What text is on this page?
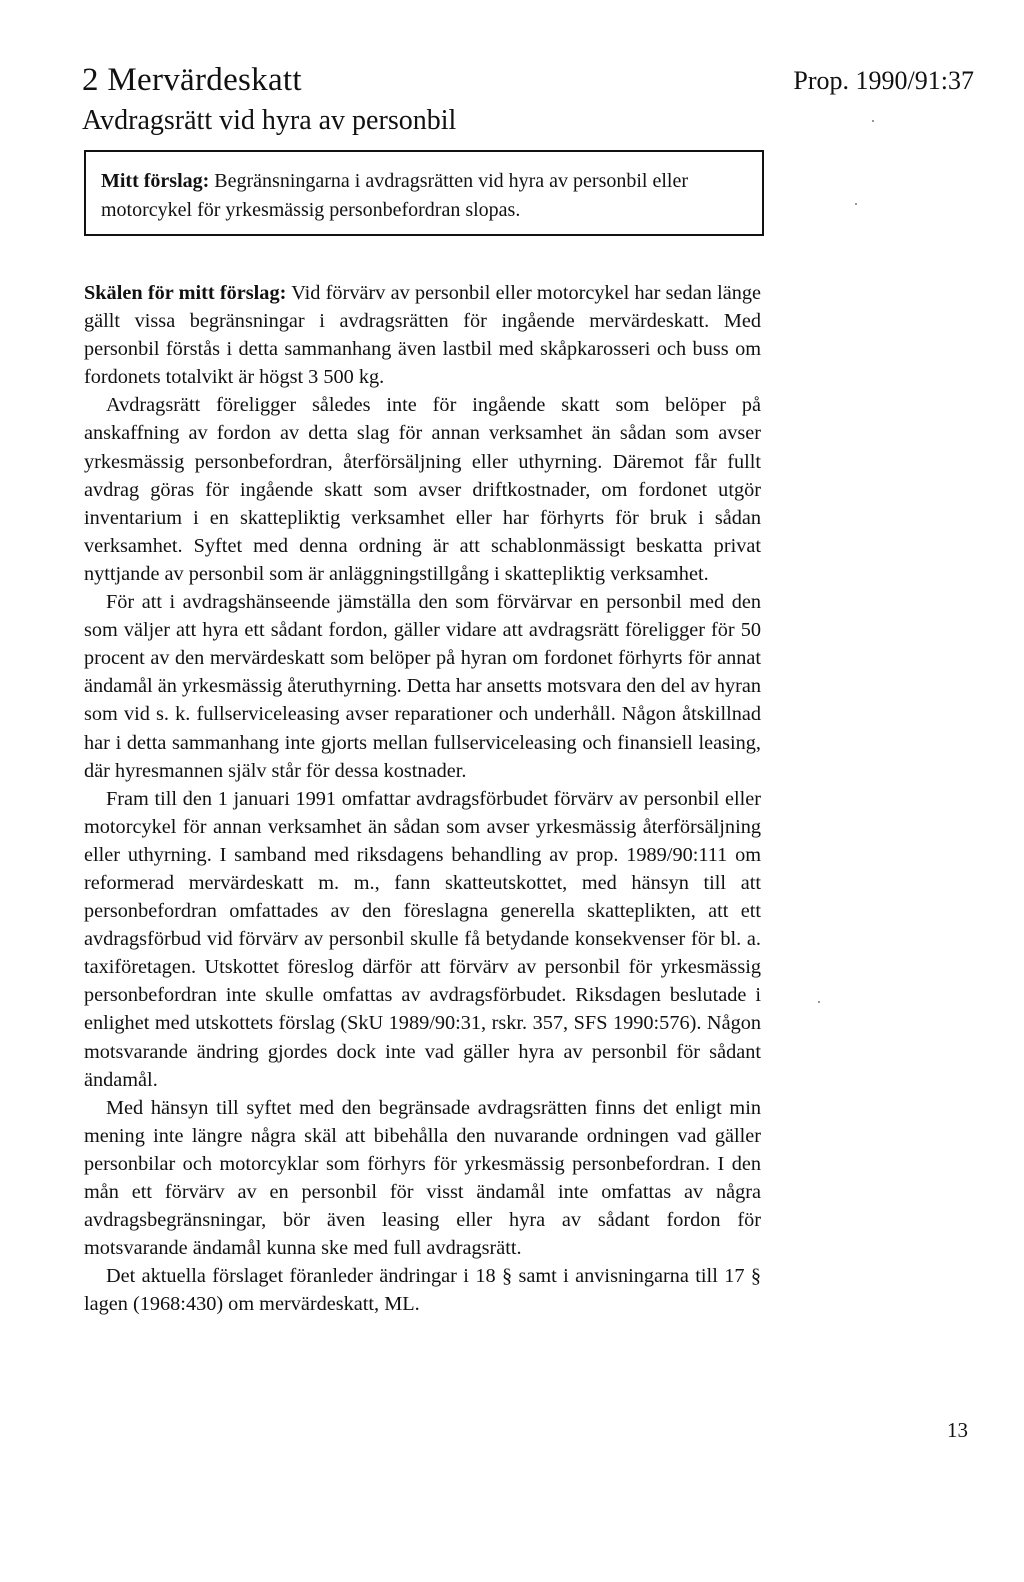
2 Mervärdeskatt	Prop. 1990/91:37
Avdragsrätt vid hyra av personbil
Mitt förslag: Begränsningarna i avdragsrätten vid hyra av personbil eller motorcykel för yrkesmässig personbefordran slopas.

Skälen för mitt förslag: Vid förvärv av personbil eller motorcykel har sedan länge gällt vissa begränsningar i avdragsrätten för ingående mervärdeskatt. Med personbil förstås i detta sammanhang även lastbil med skåpkarosseri och buss om fordonets totalvikt är högst 3 500 kg.

Avdragsrätt föreligger således inte för ingående skatt som belöper på anskaffning av fordon av detta slag för annan verksamhet än sådan som avser yrkesmässig personbefordran, återförsäljning eller uthyrning. Däremot får fullt avdrag göras för ingående skatt som avser driftkostnader, om fordonet utgör inventarium i en skattepliktig verksamhet eller har förhyrts för bruk i sådan verksamhet. Syftet med denna ordning är att schablonmässigt beskatta privat nyttjande av personbil som är anläggningstillgång i skattepliktig verksamhet.

För att i avdragshänseende jämställa den som förvärvar en personbil med den som väljer att hyra ett sådant fordon, gäller vidare att avdragsrätt föreligger för 50 procent av den mervärdeskatt som belöper på hyran om fordonet förhyrts för annat ändamål än yrkesmässig återuthyrning. Detta har ansetts motsvara den del av hyran som vid s. k. fullserviceleasing avser reparationer och underhåll. Någon åtskillnad har i detta sammanhang inte gjorts mellan fullserviceleasing och finansiell leasing, där hyresmannen själv står för dessa kostnader.

Fram till den 1 januari 1991 omfattar avdragsförbudet förvärv av personbil eller motorcykel för annan verksamhet än sådan som avser yrkesmässig återförsäljning eller uthyrning. I samband med riksdagens behandling av prop. 1989/90:111 om reformerad mervärdeskatt m. m., fann skatteutskottet, med hänsyn till att personbefordran omfattades av den föreslagna generella skatteplikten, att ett avdragsförbud vid förvärv av personbil skulle få betydande konsekvenser för bl. a. taxiföretagen. Utskottet föreslog därför att förvärv av personbil för yrkesmässig personbefordran inte skulle omfattas av avdragsförbudet. Riksdagen beslutade i enlighet med utskottets förslag (SkU 1989/90:31, rskr. 357, SFS 1990:576). Någon motsvarande ändring gjordes dock inte vad gäller hyra av personbil för sådant ändamål.

Med hänsyn till syftet med den begränsade avdragsrätten finns det enligt min mening inte längre några skäl att bibehålla den nuvarande ordningen vad gäller personbilar och motorcyklar som förhyrs för yrkesmässig personbefordran. I den mån ett förvärv av en personbil för visst ändamål inte omfattas av några avdragsbegränsningar, bör även leasing eller hyra av sådant fordon för motsvarande ändamål kunna ske med full avdragsrätt.

Det aktuella förslaget föranleder ändringar i 18 § samt i anvisningarna till 17 § lagen (1968:430) om mervärdeskatt, ML.

13
